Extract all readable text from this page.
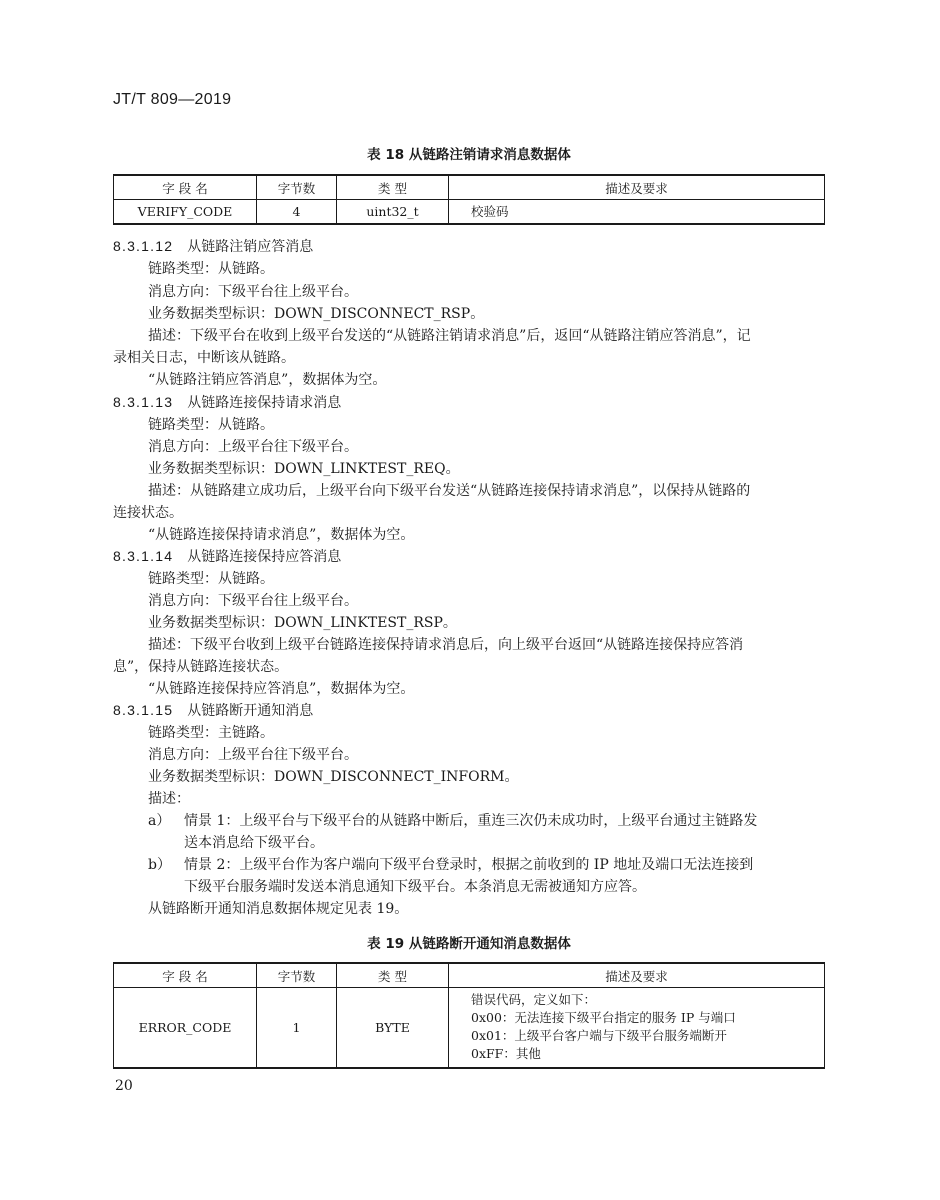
JT/T 809—2019
表 18 从链路注销请求消息数据体
字 段 名	字节数	类 型	描述及要求
VERIFY_CODE	4	uint32_t	校验码
8.3.1.12 从链路注销应答消息
链路类型：从链路。
消息方向：下级平台往上级平台。
业务数据类型标识：DOWN_DISCONNECT_RSP。
描述：下级平台在收到上级平台发送的“从链路注销请求消息”后，返回“从链路注销应答消息”，记
录相关日志，中断该从链路。
“从链路注销应答消息”，数据体为空。
8.3.1.13 从链路连接保持请求消息
链路类型：从链路。
消息方向：上级平台往下级平台。
业务数据类型标识：DOWN_LINKTEST_REQ。
描述：从链路建立成功后，上级平台向下级平台发送“从链路连接保持请求消息”，以保持从链路的
连接状态。
“从链路连接保持请求消息”，数据体为空。
8.3.1.14 从链路连接保持应答消息
链路类型：从链路。
消息方向：下级平台往上级平台。
业务数据类型标识：DOWN_LINKTEST_RSP。
描述：下级平台收到上级平台链路连接保持请求消息后，向上级平台返回“从链路连接保持应答消
息”，保持从链路连接状态。
“从链路连接保持应答消息”，数据体为空。
8.3.1.15 从链路断开通知消息
链路类型：主链路。
消息方向：上级平台往下级平台。
业务数据类型标识：DOWN_DISCONNECT_INFORM。
描述：
a） 情景 1：上级平台与下级平台的从链路中断后，重连三次仍未成功时，上级平台通过主链路发
送本消息给下级平台。
b） 情景 2：上级平台作为客户端向下级平台登录时，根据之前收到的 IP 地址及端口无法连接到
下级平台服务端时发送本消息通知下级平台。本条消息无需被通知方应答。
从链路断开通知消息数据体规定见表 19。
表 19 从链路断开通知消息数据体
字 段 名	字节数	类 型	描述及要求
ERROR_CODE	1	BYTE	错误代码，定义如下：
0x00：无法连接下级平台指定的服务 IP 与端口
0x01：上级平台客户端与下级平台服务端断开
0xFF：其他
20
